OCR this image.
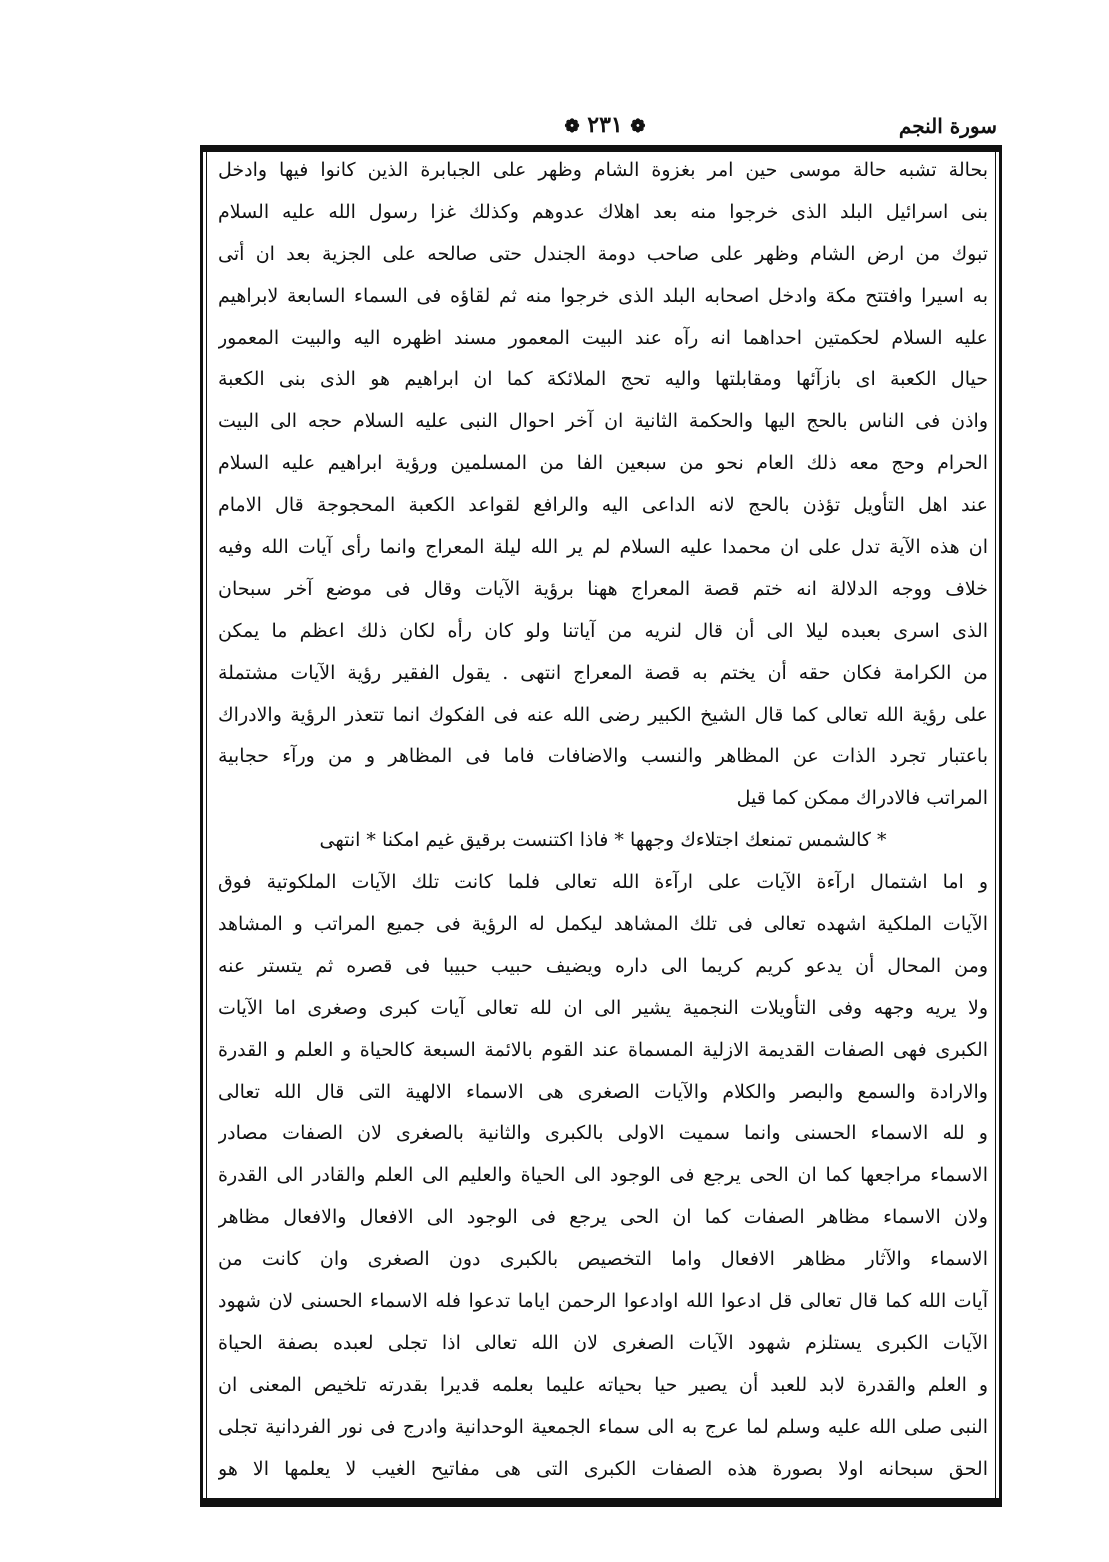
سورة النجم
❁ ٢٣١ ❁
بحالة تشبه حالة موسى حين امر بغزوة الشام وظهر على الجبابرة الذين كانوا فيها وادخل
بنى اسرائيل البلد الذى خرجوا منه بعد اهلاك عدوهم وكذلك غزا رسول الله عليه السلام
تبوك من ارض الشام وظهر على صاحب دومة الجندل حتى صالحه على الجزية بعد ان أتى
به اسيرا وافتتح مكة وادخل اصحابه البلد الذى خرجوا منه ثم لقاؤه فى السماء السابعة لابراهيم
عليه السلام لحكمتين احداهما انه رآه عند البيت المعمور مسند اظهره اليه والبيت المعمور
حيال الكعبة اى بازآئها ومقابلتها واليه تحج الملائكة كما ان ابراهيم هو الذى بنى الكعبة
واذن فى الناس بالحج اليها والحكمة الثانية ان آخر احوال النبى عليه السلام حجه الى البيت
الحرام وحج معه ذلك العام نحو من سبعين الفا من المسلمين ورؤية ابراهيم عليه السلام
عند اهل التأويل تؤذن بالحج لانه الداعى اليه والرافع لقواعد الكعبة المحجوجة قال الامام
ان هذه الآية تدل على ان محمدا عليه السلام لم ير الله ليلة المعراج وانما رأى آيات الله وفيه
خلاف ووجه الدلالة انه ختم قصة المعراج ههنا برؤية الآيات وقال فى موضع آخر سبحان
الذى اسرى بعبده ليلا الى أن قال لنريه من آياتنا ولو كان رأه لكان ذلك اعظم ما يمكن
من الكرامة فكان حقه أن يختم به قصة المعراج انتهى . يقول الفقير رؤية الآيات مشتملة
على رؤية الله تعالى كما قال الشيخ الكبير رضى الله عنه فى الفكوك انما تتعذر الرؤية والادراك
باعتبار تجرد الذات عن المظاهر والنسب والاضافات فاما فى المظاهر و من ورآء حجابية
المراتب فالادراك ممكن كما قيل
* كالشمس تمنعك اجتلاءك وجهها * فاذا اكتنست برقيق غيم امكنا * انتهى
و اما اشتمال ارآءة الآيات على ارآءة الله تعالى فلما كانت تلك الآيات الملكوتية فوق
الآيات الملكية اشهده تعالى فى تلك المشاهد ليكمل له الرؤية فى جميع المراتب و المشاهد
ومن المحال أن يدعو كريم كريما الى داره ويضيف حبيب حبيبا فى قصره ثم يتستر عنه
ولا يريه وجهه وفى التأويلات النجمية يشير الى ان لله تعالى آيات كبرى وصغرى اما الآيات
الكبرى فهى الصفات القديمة الازلية المسماة عند القوم بالائمة السبعة كالحياة و العلم و القدرة
والارادة والسمع والبصر والكلام والآيات الصغرى هى الاسماء الالهية التى قال الله تعالى
و لله الاسماء الحسنى وانما سميت الاولى بالكبرى والثانية بالصغرى لان الصفات مصادر
الاسماء مراجعها كما ان الحى يرجع فى الوجود الى الحياة والعليم الى العلم والقادر الى القدرة
ولان الاسماء مظاهر الصفات كما ان الحى يرجع فى الوجود الى الافعال والافعال مظاهر
الاسماء والآثار مظاهر الافعال واما التخصيص بالكبرى دون الصغرى وان كانت من
آيات الله كما قال تعالى قل ادعوا الله اوادعوا الرحمن اياما تدعوا فله الاسماء الحسنى لان شهود
الآيات الكبرى يستلزم شهود الآيات الصغرى لان الله تعالى اذا تجلى لعبده بصفة الحياة
و العلم والقدرة لابد للعبد أن يصير حيا بحياته عليما بعلمه قديرا بقدرته تلخيص المعنى ان
النبى صلى الله عليه وسلم لما عرج به الى سماء الجمعية الوحدانية وادرج فى نور الفردانية تجلى
الحق سبحانه اولا بصورة هذه الصفات الكبرى التى هى مفاتيح الغيب لا يعلمها الا هو
